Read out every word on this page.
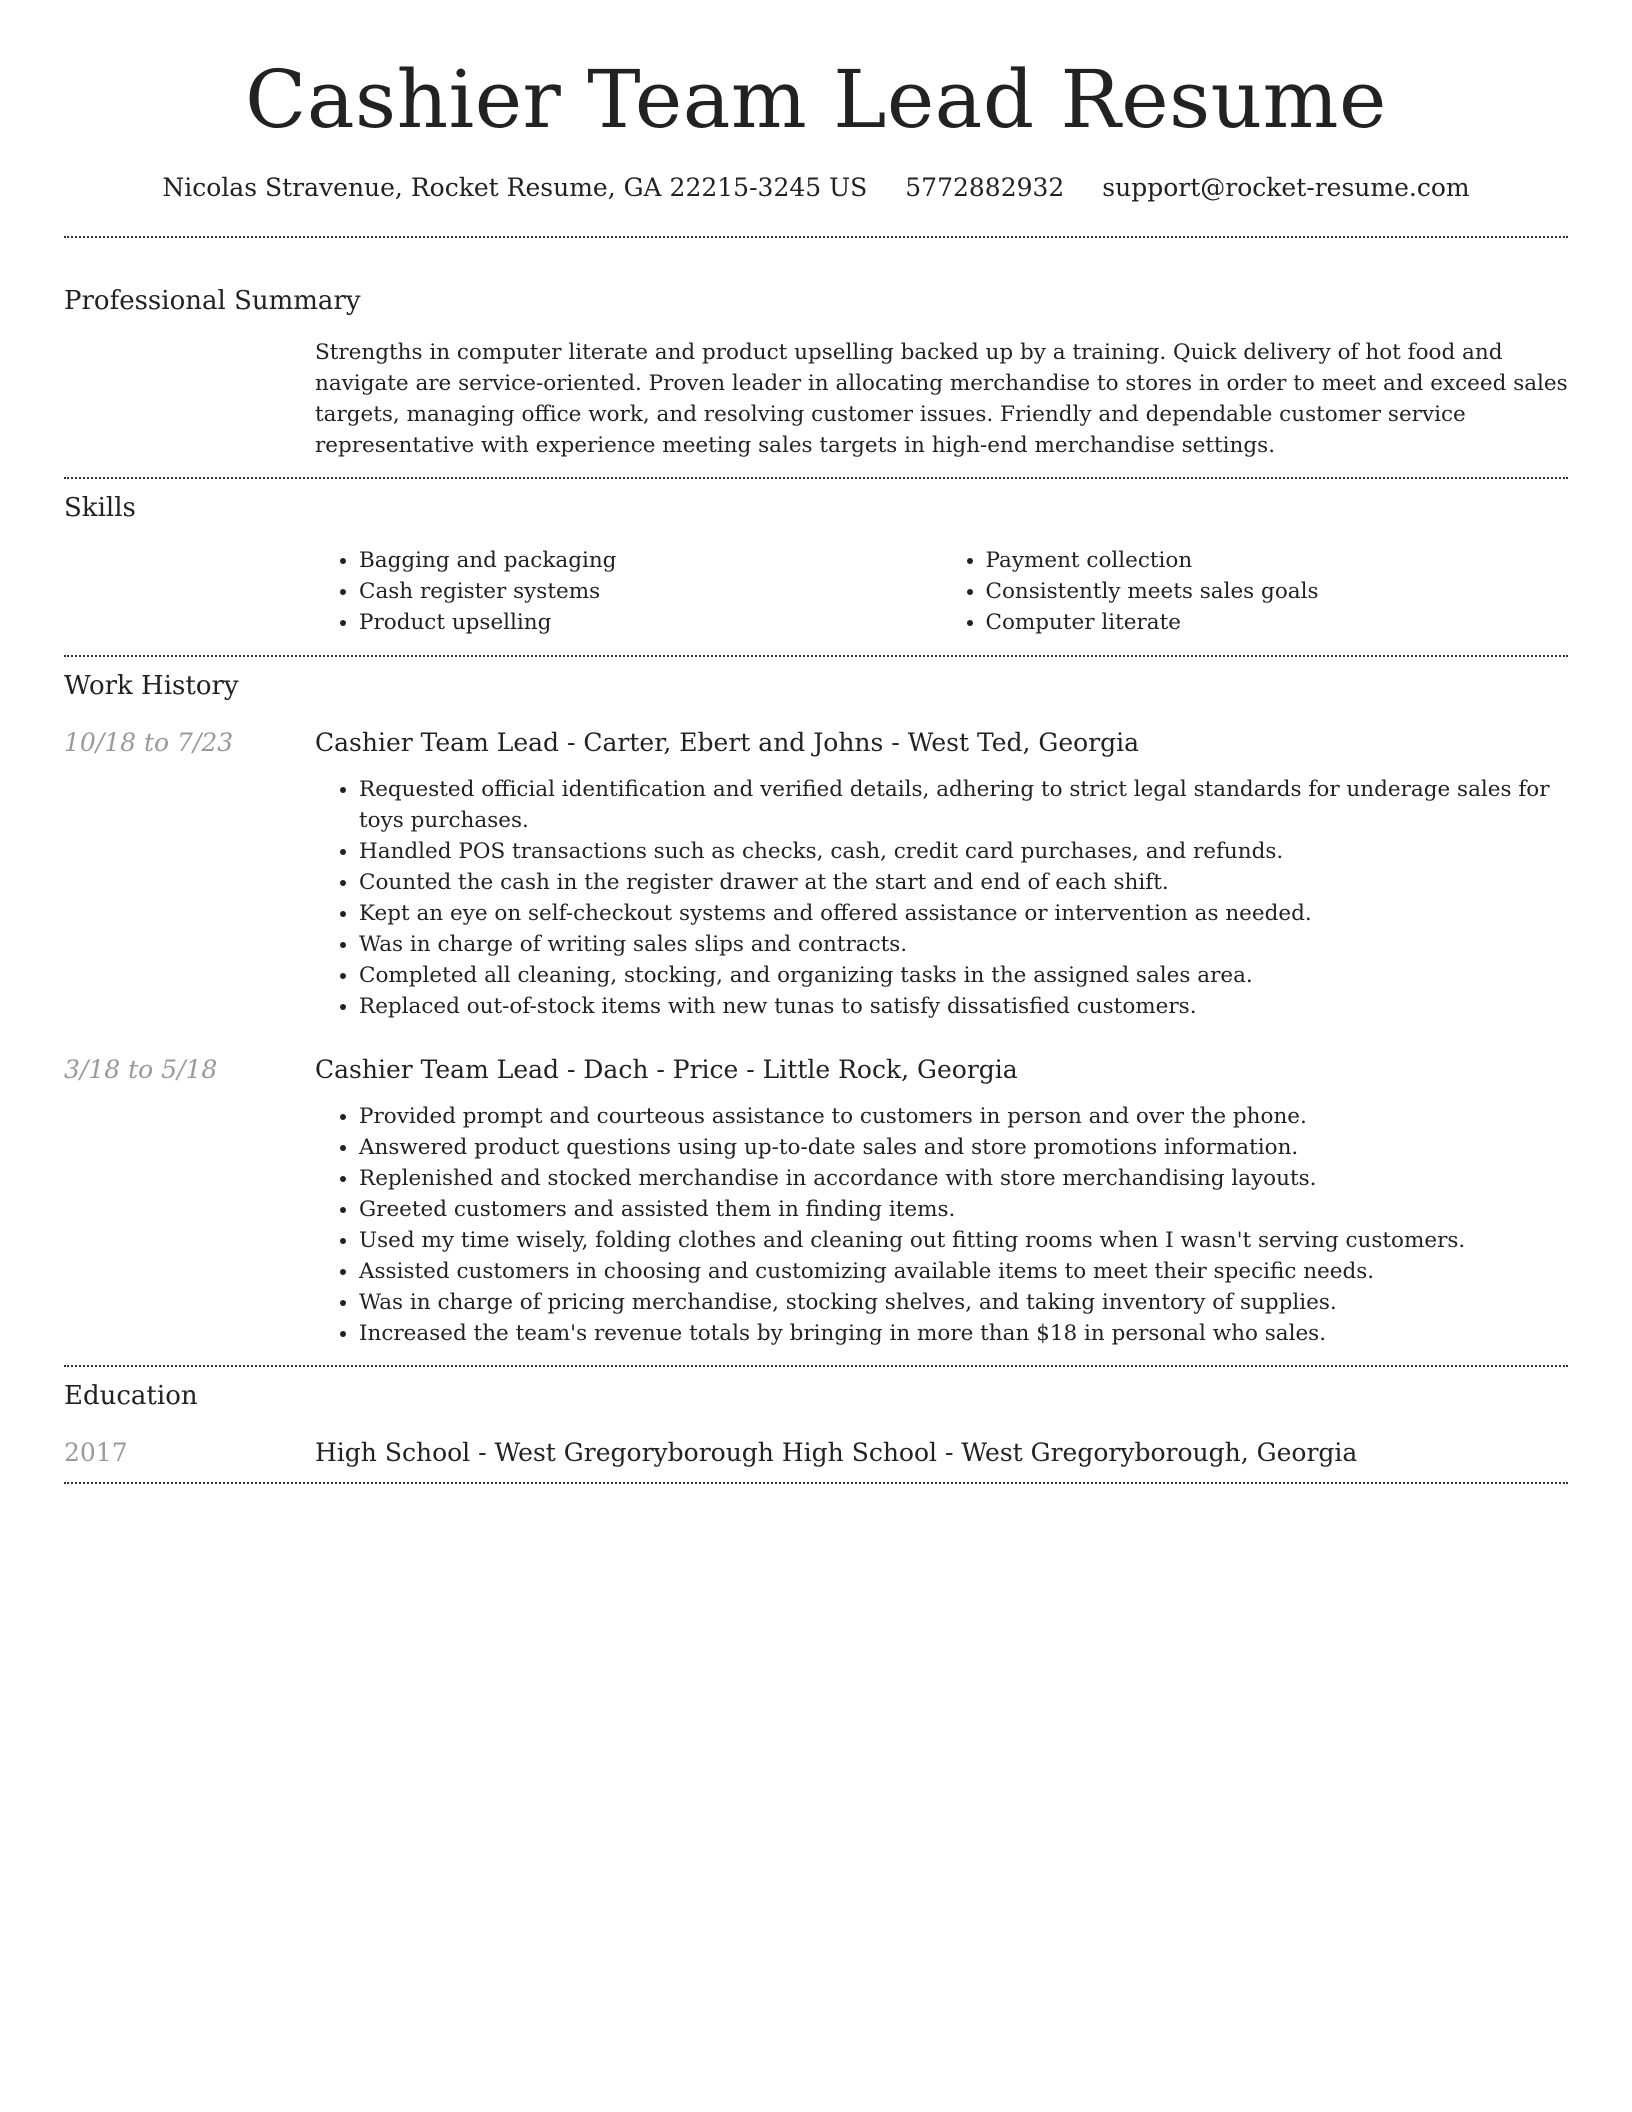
Cashier Team Lead Resume
Nicolas Stravenue, Rocket Resume, GA 22215-3245 US 5772882932 support@rocket-resume.com
Professional Summary

Strengths in computer literate and product upselling backed up by a training. Quick delivery of hot food and navigate are service-oriented. Proven leader in allocating merchandise to stores in order to meet and exceed sales targets, managing office work, and resolving customer issues. Friendly and dependable customer service representative with experience meeting sales targets in high-end merchandise settings.

Skills
• Bagging and packaging
• Cash register systems
• Product upselling
• Payment collection
• Consistently meets sales goals
• Computer literate
Work History
10/18 to 7/23	Cashier Team Lead - Carter, Ebert and Johns - West Ted, Georgia
• Requested official identification and verified details, adhering to strict legal standards for underage sales for toys purchases.
• Handled POS transactions such as checks, cash, credit card purchases, and refunds.
• Counted the cash in the register drawer at the start and end of each shift.
• Kept an eye on self-checkout systems and offered assistance or intervention as needed.
• Was in charge of writing sales slips and contracts.
• Completed all cleaning, stocking, and organizing tasks in the assigned sales area.
• Replaced out-of-stock items with new tunas to satisfy dissatisfied customers.
3/18 to 5/18	Cashier Team Lead - Dach - Price - Little Rock, Georgia
• Provided prompt and courteous assistance to customers in person and over the phone.
• Answered product questions using up-to-date sales and store promotions information.
• Replenished and stocked merchandise in accordance with store merchandising layouts.
• Greeted customers and assisted them in finding items.
• Used my time wisely, folding clothes and cleaning out fitting rooms when I wasn't serving customers.
• Assisted customers in choosing and customizing available items to meet their specific needs.
• Was in charge of pricing merchandise, stocking shelves, and taking inventory of supplies.
• Increased the team's revenue totals by bringing in more than $18 in personal who sales.
Education
2017	High School - West Gregoryborough High School - West Gregoryborough, Georgia
